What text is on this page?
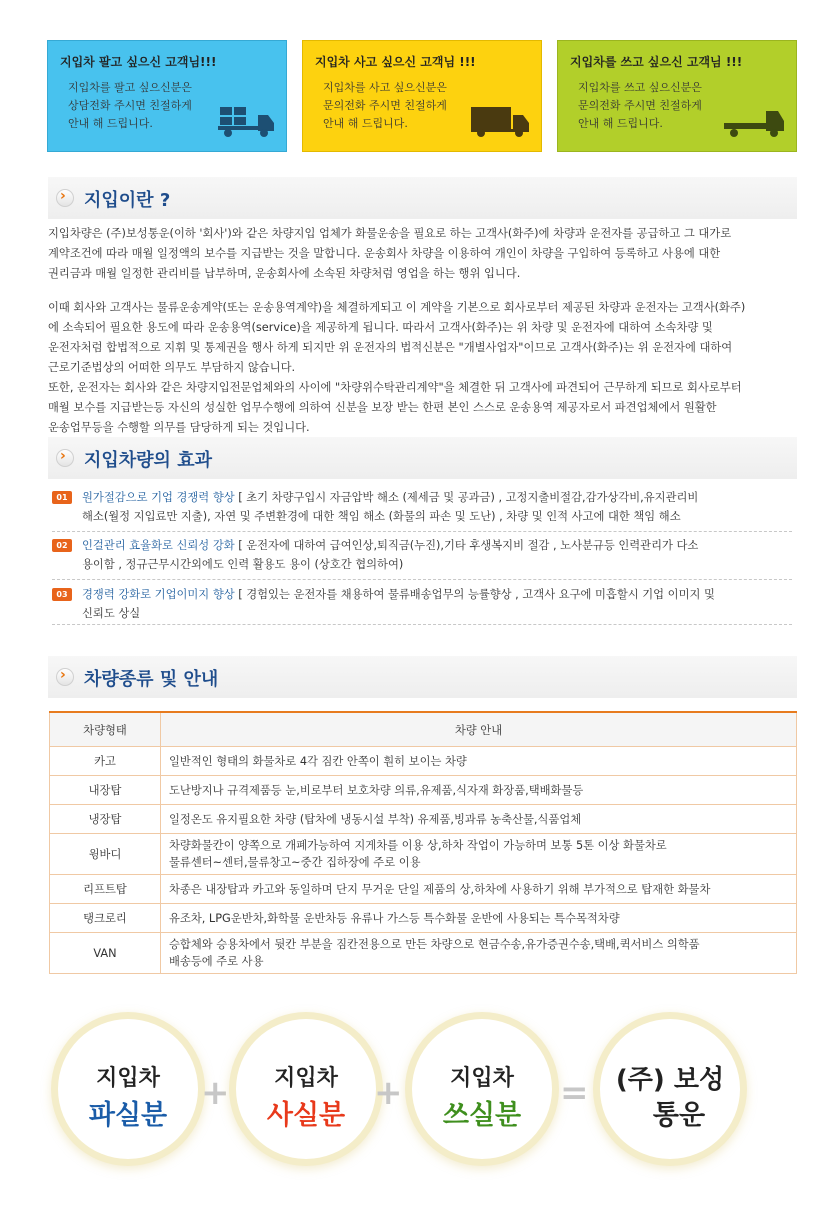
지입차 팔고 싶으신 고객님!!!
지입차를 팔고 싶으신분은
상담전화 주시면 친절하게
안내 해 드립니다.
지입차 사고 싶으신 고객님 !!!
지입차를 사고 싶으신분은
문의전화 주시면 친절하게
안내 해 드립니다.
지입차를 쓰고 싶으신 고객님 !!!
지입차를 쓰고 싶으신분은
문의전화 주시면 친절하게
안내 해 드립니다.
› 지입이란 ?

지입차량은 (주)보성통운(이하 '회사')와 같은 차량지입 업체가 화물운송을 필요로 하는 고객사(화주)에 차량과 운전자를 공급하고 그 대가로

계약조건에 따라 매월 일정액의 보수를 지급받는 것을 말합니다. 운송회사 차량을 이용하여 개인이 차량을 구입하여 등록하고 사용에 대한

권리금과 매월 일정한 관리비를 납부하며, 운송회사에 소속된 차량처럼 영업을 하는 행위 입니다.

이때 회사와 고객사는 물류운송계약(또는 운송용역계약)을 체결하게되고 이 계약을 기본으로 회사로부터 제공된 차량과 운전자는 고객사(화주)

에 소속되어 필요한 용도에 따라 운송용역(service)을 제공하게 됩니다. 따라서 고객사(화주)는 위 차량 및 운전자에 대하여 소속차량 및

운전자처럼 합법적으로 지휘 및 통제권을 행사 하게 되지만 위 운전자의 법적신분은 "개별사업자"이므로 고객사(화주)는 위 운전자에 대하여

근로기준법상의 어떠한 의무도 부담하지 않습니다.

또한, 운전자는 회사와 같은 차량지입전문업체와의 사이에 "차량위수탁관리계약"을 체결한 뒤 고객사에 파견되어 근무하게 되므로 회사로부터

매월 보수를 지급받는등 자신의 성실한 업무수행에 의하여 신분을 보장 받는 한편 본인 스스로 운송용역 제공자로서 파견업체에서 원활한

운송업무등을 수행할 의무를 담당하게 되는 것입니다.

› 지입차량의 효과
01	원가절감으로 기업 경쟁력 향상 [ 초기 차량구입시 자금압박 해소 (제세금 및 공과금) , 고정지출비절감,감가상각비,유지관리비

해소(월정 지입료만 지출), 자연 및 주변환경에 대한 책임 해소 (화물의 파손 및 도난) , 차량 및 인적 사고에 대한 책임 해소

02	인걸관리 효율화로 신뢰성 강화 [ 운전자에 대하여 급여인상,퇴직금(누진),기타 후생복지비 절감 , 노사분규등 인력관리가 다소

용이함 , 정규근무시간외에도 인력 활용도 용이 (상호간 협의하여)

03	경쟁력 강화로 기업이미지 향상 [ 경험있는 운전자를 채용하여 물류배송업무의 능률향상 , 고객사 요구에 미흡할시 기업 이미지 및

신뢰도 상실

› 차량종류 및 안내
차량형태	차량 안내
카고	일반적인 형태의 화물차로 4각 짐칸 안쪽이 훤히 보이는 차량
내장탑	도난방지나 규격제품등 눈,비로부터 보호차량 의류,유제품,식자재 화장품,택배화물등
냉장탑	일정온도 유지필요한 차량 (탑차에 냉동시설 부착) 유제품,빙과류 농축산물,식품업체
윙바디	차량화물칸이 양쪽으로 개폐가능하여 지게차를 이용 상,하차 작업이 가능하며 보통 5톤 이상 화물차로
물류센터~센터,물류창고~중간 집하장에 주로 이용

리프트탑	차종은 내장탑과 카고와 동일하며 단지 무거운 단일 제품의 상,하차에 사용하기 위해 부가적으로 탑재한 화물차
탱크로리	유조차, LPG운반차,화학물 운반차등 유류나 가스등 특수화물 운반에 사용되는 특수목적차량
VAN	승합체와 승용차에서 뒷칸 부분을 짐칸전용으로 만든 차량으로 현금수송,유가증권수송,택배,퀵서비스 의학품
배송등에 주로 사용
지입차
파실분
+	지입차
사실분
+	지입차
쓰실분
=	(주) 보성
통운
